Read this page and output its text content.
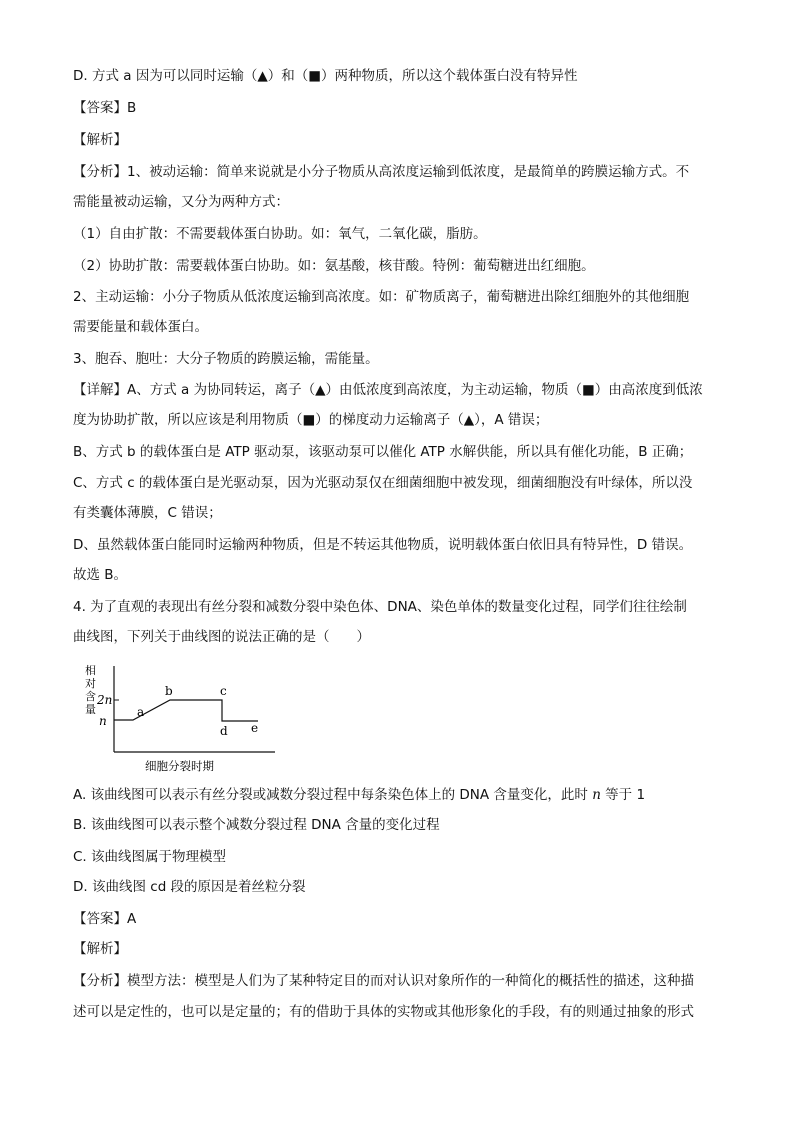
D. 方式 a 因为可以同时运输（▲）和（■）两种物质，所以这个载体蛋白没有特异性
【答案】B
【解析】
【分析】1、被动运输：简单来说就是小分子物质从高浓度运输到低浓度，是最简单的跨膜运输方式。不
需能量被动运输，又分为两种方式：
（1）自由扩散：不需要载体蛋白协助。如：氧气，二氧化碳，脂肪。
（2）协助扩散：需要载体蛋白协助。如：氨基酸，核苷酸。特例：葡萄糖进出红细胞。
2、主动运输：小分子物质从低浓度运输到高浓度。如：矿物质离子，葡萄糖进出除红细胞外的其他细胞
需要能量和载体蛋白。
3、胞吞、胞吐：大分子物质的跨膜运输，需能量。
【详解】A、方式 a 为协同转运，离子（▲）由低浓度到高浓度，为主动运输，物质（■）由高浓度到低浓
度为协助扩散，所以应该是利用物质（■）的梯度动力运输离子（▲），A 错误；
B、方式 b 的载体蛋白是 ATP 驱动泵，该驱动泵可以催化 ATP 水解供能，所以具有催化功能，B 正确；
C、方式 c 的载体蛋白是光驱动泵，因为光驱动泵仅在细菌细胞中被发现，细菌细胞没有叶绿体，所以没
有类囊体薄膜，C 错误；
D、虽然载体蛋白能同时运输两种物质，但是不转运其他物质，说明载体蛋白依旧具有特异性，D 错误。
故选 B。
4. 为了直观的表现出有丝分裂和减数分裂中染色体、DNA、染色单体的数量变化过程，同学们往往绘制
曲线图，下列关于曲线图的说法正确的是（　　）
相 对 含 量
2n
n
a
b	c
d e
细胞分裂时期
A. 该曲线图可以表示有丝分裂或减数分裂过程中每条染色体上的 DNA 含量变化，此时 n 等于 1
B. 该曲线图可以表示整个减数分裂过程 DNA 含量的变化过程
C. 该曲线图属于物理模型
D. 该曲线图 cd 段的原因是着丝粒分裂
【答案】A
【解析】
【分析】模型方法：模型是人们为了某种特定目的而对认识对象所作的一种简化的概括性的描述，这种描
述可以是定性的，也可以是定量的；有的借助于具体的实物或其他形象化的手段，有的则通过抽象的形式
